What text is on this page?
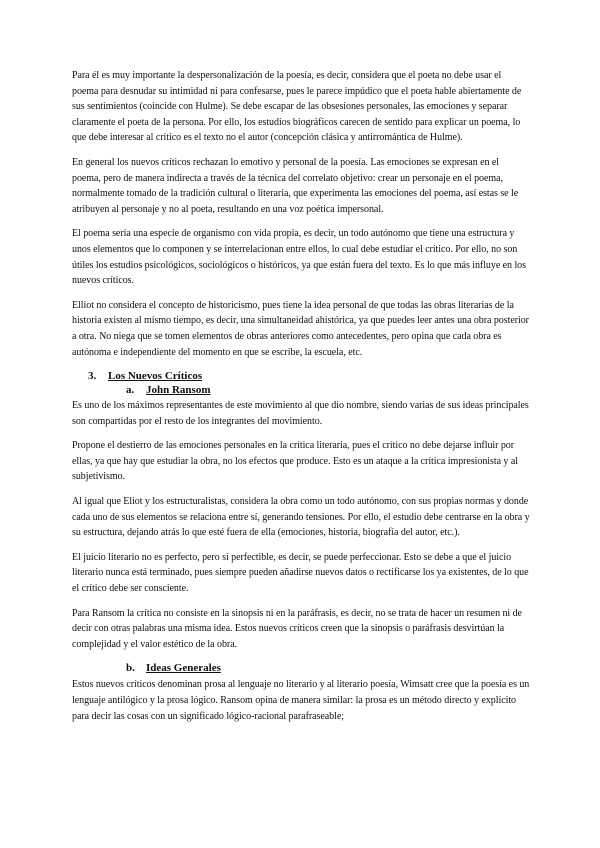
Para él es muy importante la despersonalización de la poesía, es decir, considera que el poeta no debe usar el poema para desnudar su intimidad ni para confesarse, pues le parece impúdico que el poeta hable abiertamente de sus sentimientos (coincide con Hulme). Se debe escapar de las obsesiones personales, las emociones y separar claramente el poeta de la persona. Por ello, los estudios biográficos carecen de sentido para explicar un poema, lo que debe interesar al crítico es el texto no el autor (concepción clásica y antirromántica de Hulme).

En general los nuevos críticos rechazan lo emotivo y personal de la poesía. Las emociones se expresan en el poema, pero de manera indirecta a través de la técnica del correlato objetivo: crear un personaje en el poema, normalmente tomado de la tradición cultural o literaria, que experimenta las emociones del poema, así estas se le atribuyen al personaje y no al poeta, resultando en una voz poética impersonal.

El poema sería una especie de organismo con vida propia, es decir, un todo autónomo que tiene una estructura y unos elementos que lo componen y se interrelacionan entre ellos, lo cual debe estudiar el crítico. Por ello, no son útiles los estudios psicológicos, sociológicos o históricos, ya que están fuera del texto. Es lo que más influye en los nuevos críticos.

Elliot no considera el concepto de historicismo, pues tiene la idea personal de que todas las obras literarias de la historia existen al mismo tiempo, es decir, una simultaneidad ahistórica, ya que puedes leer antes una obra posterior a otra. No niega que se tomen elementos de obras anteriores como antecedentes, pero opina que cada obra es autónoma e independiente del momento en que se escribe, la escuela, etc.

3. Los Nuevos Críticos
a. John Ransom

Es uno de los máximos representantes de este movimiento al que dio nombre, siendo varias de sus ideas principales son compartidas por el resto de los integrantes del movimiento.

Propone el destierro de las emociones personales en la crítica literaria, pues el crítico no debe dejarse influir por ellas, ya que hay que estudiar la obra, no los efectos que produce. Esto es un ataque a la crítica impresionista y al subjetivismo.

Al igual que Eliot y los estructuralistas, considera la obra como un todo autónomo, con sus propias normas y donde cada uno de sus elementos se relaciona entre sí, generando tensiones. Por ello, el estudio debe centrarse en la obra y su estructura, dejando atrás lo que esté fuera de ella (emociones, historia, biografía del autor, etc.).

El juicio literario no es perfecto, pero sí perfectible, es decir, se puede perfeccionar. Esto se debe a que el juicio literario nunca está terminado, pues siempre pueden añadirse nuevos datos o rectificarse los ya existentes, de lo que el crítico debe ser consciente.

Para Ransom la crítica no consiste en la sinopsis ni en la paráfrasis, es decir, no se trata de hacer un resumen ni de decir con otras palabras una misma idea. Estos nuevos críticos creen que la sinopsis o paráfrasis desvirtúan la complejidad y el valor estético de la obra.

b. Ideas Generales

Estos nuevos críticos denominan prosa al lenguaje no literario y al literario poesía, Wimsatt cree que la poesía es un lenguaje antilógico y la prosa lógico. Ransom opina de manera similar: la prosa es un método directo y explícito para decir las cosas con un significado lógico-racional parafraseable;
